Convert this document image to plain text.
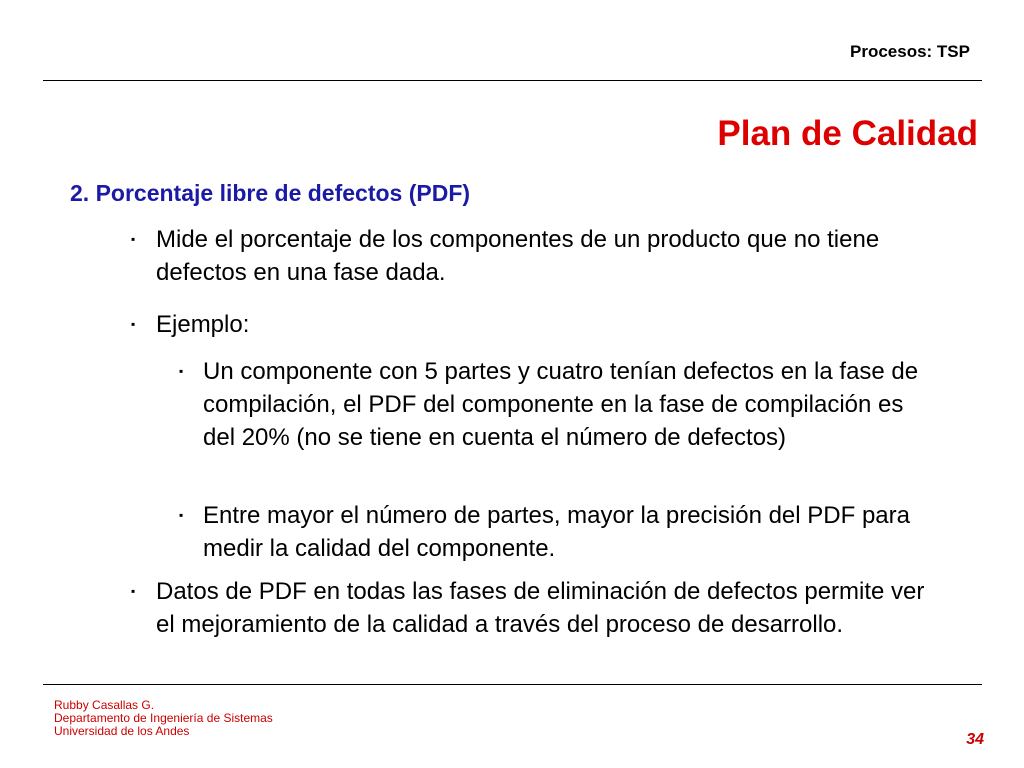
Procesos: TSP
Plan de Calidad
2. Porcentaje libre de defectos (PDF)
▪ Mide el porcentaje de los componentes de un producto que no tiene defectos en una fase dada.
▪ Ejemplo:
▪ Un componente con 5 partes y cuatro tenían defectos en la fase de compilación, el PDF del componente en la fase de compilación es del 20% (no se tiene en cuenta el número de defectos)
▪ Entre mayor el número de partes, mayor la precisión del PDF para medir la calidad del componente.
▪ Datos de PDF en todas las fases de eliminación de defectos permite ver el mejoramiento de la calidad a través del proceso de desarrollo.
Rubby Casallas G.
Departamento de Ingeniería de Sistemas
Universidad de los Andes	34
